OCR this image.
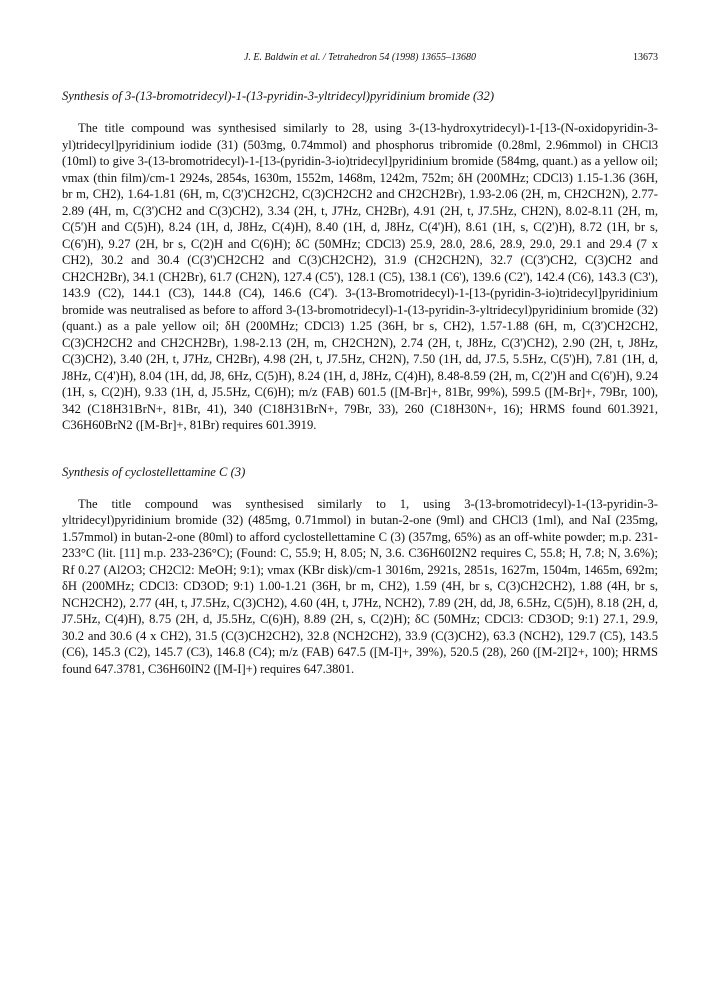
J. E. Baldwin et al. / Tetrahedron 54 (1998) 13655–13680	13673

Synthesis of 3-(13-bromotridecyl)-1-(13-pyridin-3-yltridecyl)pyridinium bromide (32)

The title compound was synthesised similarly to 28, using 3-(13-hydroxytridecyl)-1-[13-(N-oxidopyridin-3-yl)tridecyl]pyridinium iodide (31) (503mg, 0.74mmol) and phosphorus tribromide (0.28ml, 2.96mmol) in CHCl3 (10ml) to give 3-(13-bromotridecyl)-1-[13-(pyridin-3-io)tridecyl]pyridinium bromide (584mg, quant.) as a yellow oil; νmax (thin film)/cm-1 2924s, 2854s, 1630m, 1552m, 1468m, 1242m, 752m; δH (200MHz; CDCl3) 1.15-1.36 (36H, br m, CH2), 1.64-1.81 (6H, m, C(3')CH2CH2, C(3)CH2CH2 and CH2CH2Br), 1.93-2.06 (2H, m, CH2CH2N), 2.77-2.89 (4H, m, C(3')CH2 and C(3)CH2), 3.34 (2H, t, J7Hz, CH2Br), 4.91 (2H, t, J7.5Hz, CH2N), 8.02-8.11 (2H, m, C(5')H and C(5)H), 8.24 (1H, d, J8Hz, C(4)H), 8.40 (1H, d, J8Hz, C(4')H), 8.61 (1H, s, C(2')H), 8.72 (1H, br s, C(6')H), 9.27 (2H, br s, C(2)H and C(6)H); δC (50MHz; CDCl3) 25.9, 28.0, 28.6, 28.9, 29.0, 29.1 and 29.4 (7 x CH2), 30.2 and 30.4 (C(3')CH2CH2 and C(3)CH2CH2), 31.9 (CH2CH2N), 32.7 (C(3')CH2, C(3)CH2 and CH2CH2Br), 34.1 (CH2Br), 61.7 (CH2N), 127.4 (C5'), 128.1 (C5), 138.1 (C6'), 139.6 (C2'), 142.4 (C6), 143.3 (C3'), 143.9 (C2), 144.1 (C3), 144.8 (C4), 146.6 (C4'). 3-(13-Bromotridecyl)-1-[13-(pyridin-3-io)tridecyl]pyridinium bromide was neutralised as before to afford 3-(13-bromotridecyl)-1-(13-pyridin-3-yltridecyl)pyridinium bromide (32) (quant.) as a pale yellow oil; δH (200MHz; CDCl3) 1.25 (36H, br s, CH2), 1.57-1.88 (6H, m, C(3')CH2CH2, C(3)CH2CH2 and CH2CH2Br), 1.98-2.13 (2H, m, CH2CH2N), 2.74 (2H, t, J8Hz, C(3')CH2), 2.90 (2H, t, J8Hz, C(3)CH2), 3.40 (2H, t, J7Hz, CH2Br), 4.98 (2H, t, J7.5Hz, CH2N), 7.50 (1H, dd, J7.5, 5.5Hz, C(5')H), 7.81 (1H, d, J8Hz, C(4')H), 8.04 (1H, dd, J8, 6Hz, C(5)H), 8.24 (1H, d, J8Hz, C(4)H), 8.48-8.59 (2H, m, C(2')H and C(6')H), 9.24 (1H, s, C(2)H), 9.33 (1H, d, J5.5Hz, C(6)H); m/z (FAB) 601.5 ([M-Br]+, 81Br, 99%), 599.5 ([M-Br]+, 79Br, 100), 342 (C18H31BrN+, 81Br, 41), 340 (C18H31BrN+, 79Br, 33), 260 (C18H30N+, 16); HRMS found 601.3921, C36H60BrN2 ([M-Br]+, 81Br) requires 601.3919.

Synthesis of cyclostellettamine C (3)

The title compound was synthesised similarly to 1, using 3-(13-bromotridecyl)-1-(13-pyridin-3-yltridecyl)pyridinium bromide (32) (485mg, 0.71mmol) in butan-2-one (9ml) and CHCl3 (1ml), and NaI (235mg, 1.57mmol) in butan-2-one (80ml) to afford cyclostellettamine C (3) (357mg, 65%) as an off-white powder; m.p. 231-233°C (lit. [11] m.p. 233-236°C); (Found: C, 55.9; H, 8.05; N, 3.6. C36H60I2N2 requires C, 55.8; H, 7.8; N, 3.6%); Rf 0.27 (Al2O3; CH2Cl2: MeOH; 9:1); νmax (KBr disk)/cm-1 3016m, 2921s, 2851s, 1627m, 1504m, 1465m, 692m; δH (200MHz; CDCl3: CD3OD; 9:1) 1.00-1.21 (36H, br m, CH2), 1.59 (4H, br s, C(3)CH2CH2), 1.88 (4H, br s, NCH2CH2), 2.77 (4H, t, J7.5Hz, C(3)CH2), 4.60 (4H, t, J7Hz, NCH2), 7.89 (2H, dd, J8, 6.5Hz, C(5)H), 8.18 (2H, d, J7.5Hz, C(4)H), 8.75 (2H, d, J5.5Hz, C(6)H), 8.89 (2H, s, C(2)H); δC (50MHz; CDCl3: CD3OD; 9:1) 27.1, 29.9, 30.2 and 30.6 (4 x CH2), 31.5 (C(3)CH2CH2), 32.8 (NCH2CH2), 33.9 (C(3)CH2), 63.3 (NCH2), 129.7 (C5), 143.5 (C6), 145.3 (C2), 145.7 (C3), 146.8 (C4); m/z (FAB) 647.5 ([M-I]+, 39%), 520.5 (28), 260 ([M-2I]2+, 100); HRMS found 647.3781, C36H60IN2 ([M-I]+) requires 647.3801.
